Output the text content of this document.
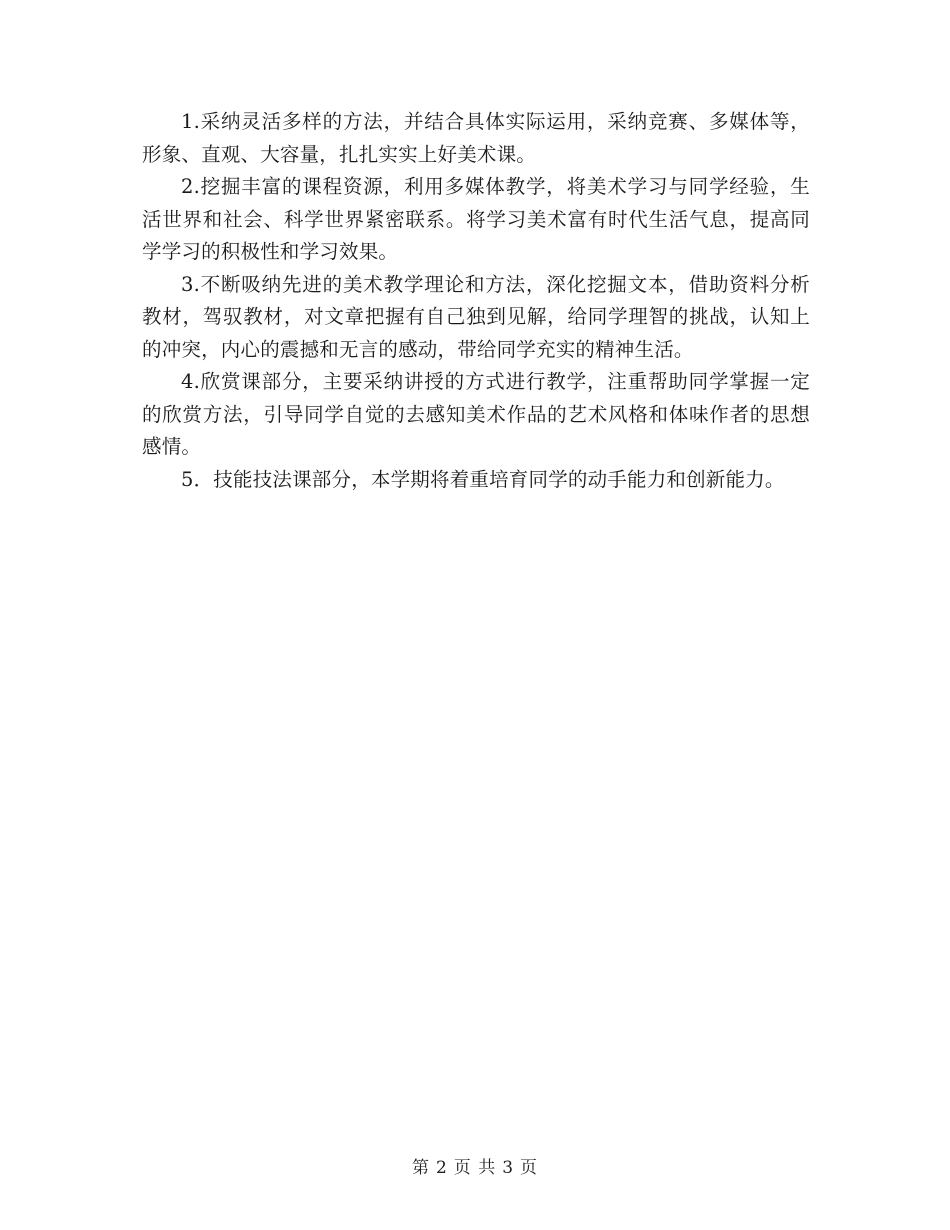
1.采纳灵活多样的方法，并结合具体实际运用，采纳竞赛、多媒体等，形象、直观、大容量，扎扎实实上好美术课。

2.挖掘丰富的课程资源，利用多媒体教学，将美术学习与同学经验，生活世界和社会、科学世界紧密联系。将学习美术富有时代生活气息，提高同学学习的积极性和学习效果。

3.不断吸纳先进的美术教学理论和方法，深化挖掘文本，借助资料分析教材，驾驭教材，对文章把握有自己独到见解，给同学理智的挑战，认知上的冲突，内心的震撼和无言的感动，带给同学充实的精神生活。

4.欣赏课部分，主要采纳讲授的方式进行教学，注重帮助同学掌握一定的欣赏方法，引导同学自觉的去感知美术作品的艺术风格和体味作者的思想感情。

5．技能技法课部分，本学期将着重培育同学的动手能力和创新能力。

第 2 页 共 3 页
